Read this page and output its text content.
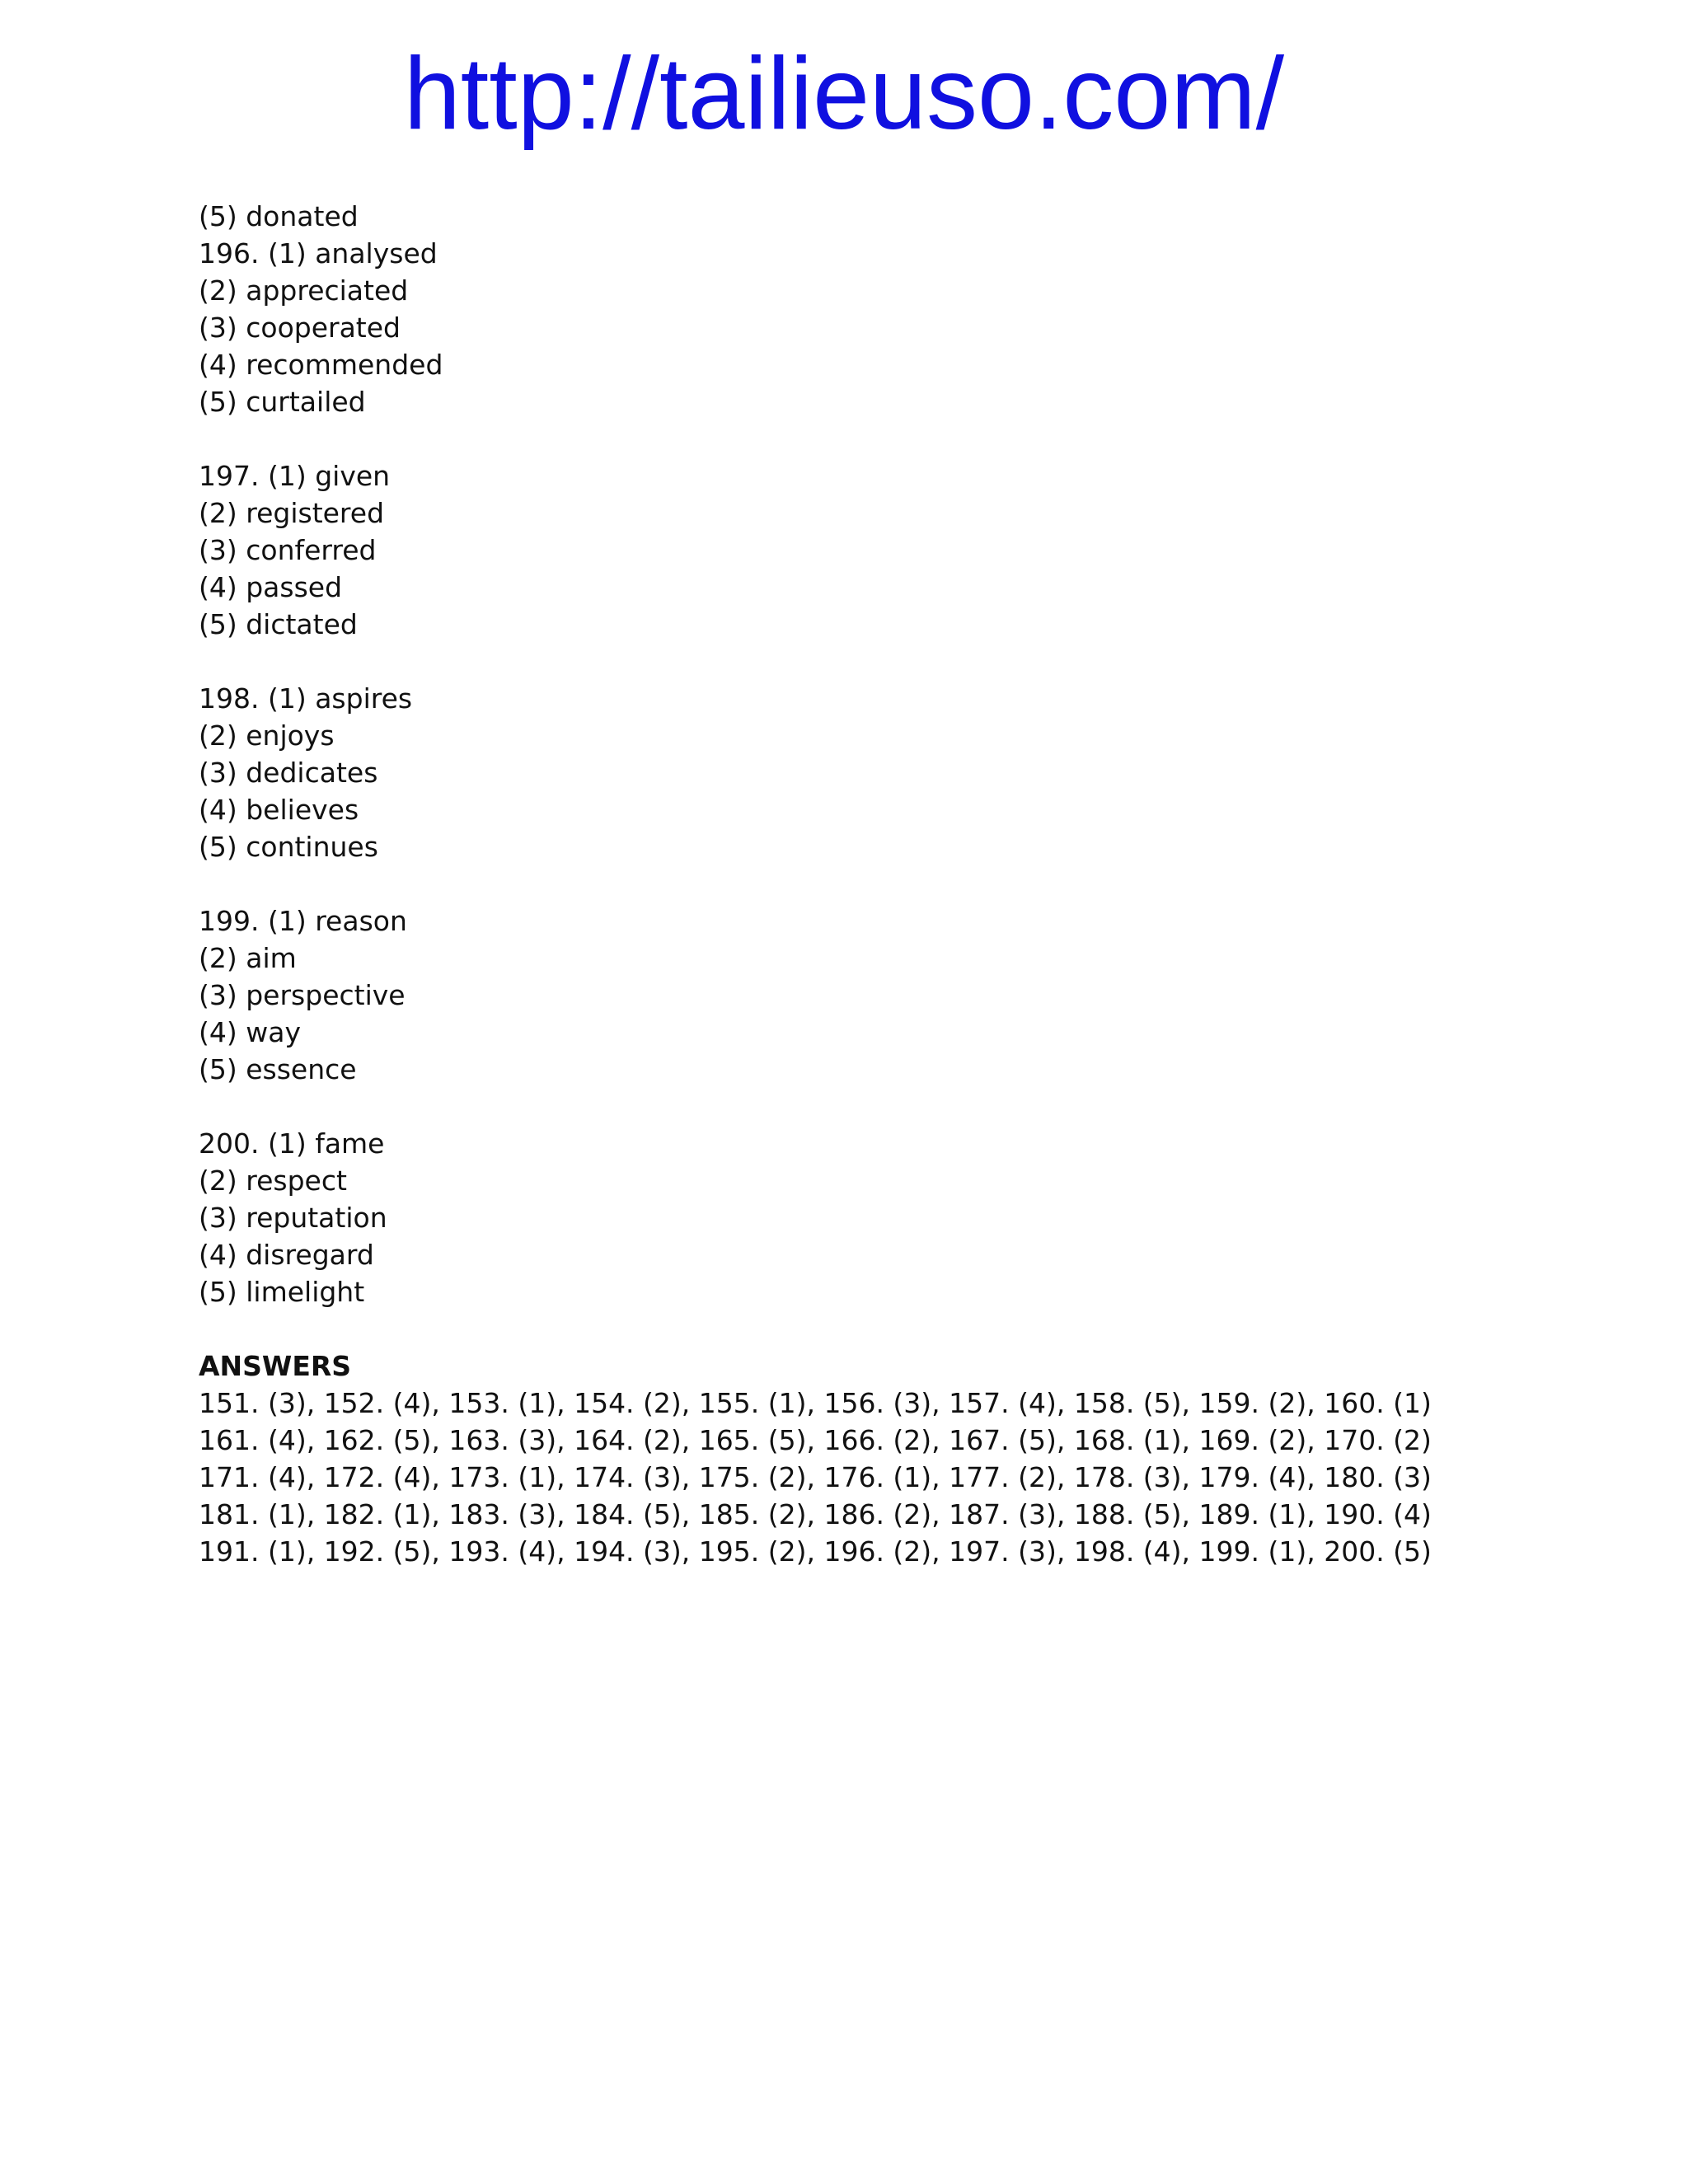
http://tailieuso.com/
(5) donated
196. (1) analysed
(2) appreciated
(3) cooperated
(4) recommended
(5) curtailed
197. (1) given
(2) registered
(3) conferred
(4) passed
(5) dictated
198. (1) aspires
(2) enjoys
(3) dedicates
(4) believes
(5) continues
199. (1) reason
(2) aim
(3) perspective
(4) way
(5) essence
200. (1) fame
(2) respect
(3) reputation
(4) disregard
(5) limelight
ANSWERS
151. (3), 152. (4), 153. (1), 154. (2), 155. (1), 156. (3), 157. (4), 158. (5), 159. (2), 160. (1)
161. (4), 162. (5), 163. (3), 164. (2), 165. (5), 166. (2), 167. (5), 168. (1), 169. (2), 170. (2)
171. (4), 172. (4), 173. (1), 174. (3), 175. (2), 176. (1), 177. (2), 178. (3), 179. (4), 180. (3)
181. (1), 182. (1), 183. (3), 184. (5), 185. (2), 186. (2), 187. (3), 188. (5), 189. (1), 190. (4)
191. (1), 192. (5), 193. (4), 194. (3), 195. (2), 196. (2), 197. (3), 198. (4), 199. (1), 200. (5)
